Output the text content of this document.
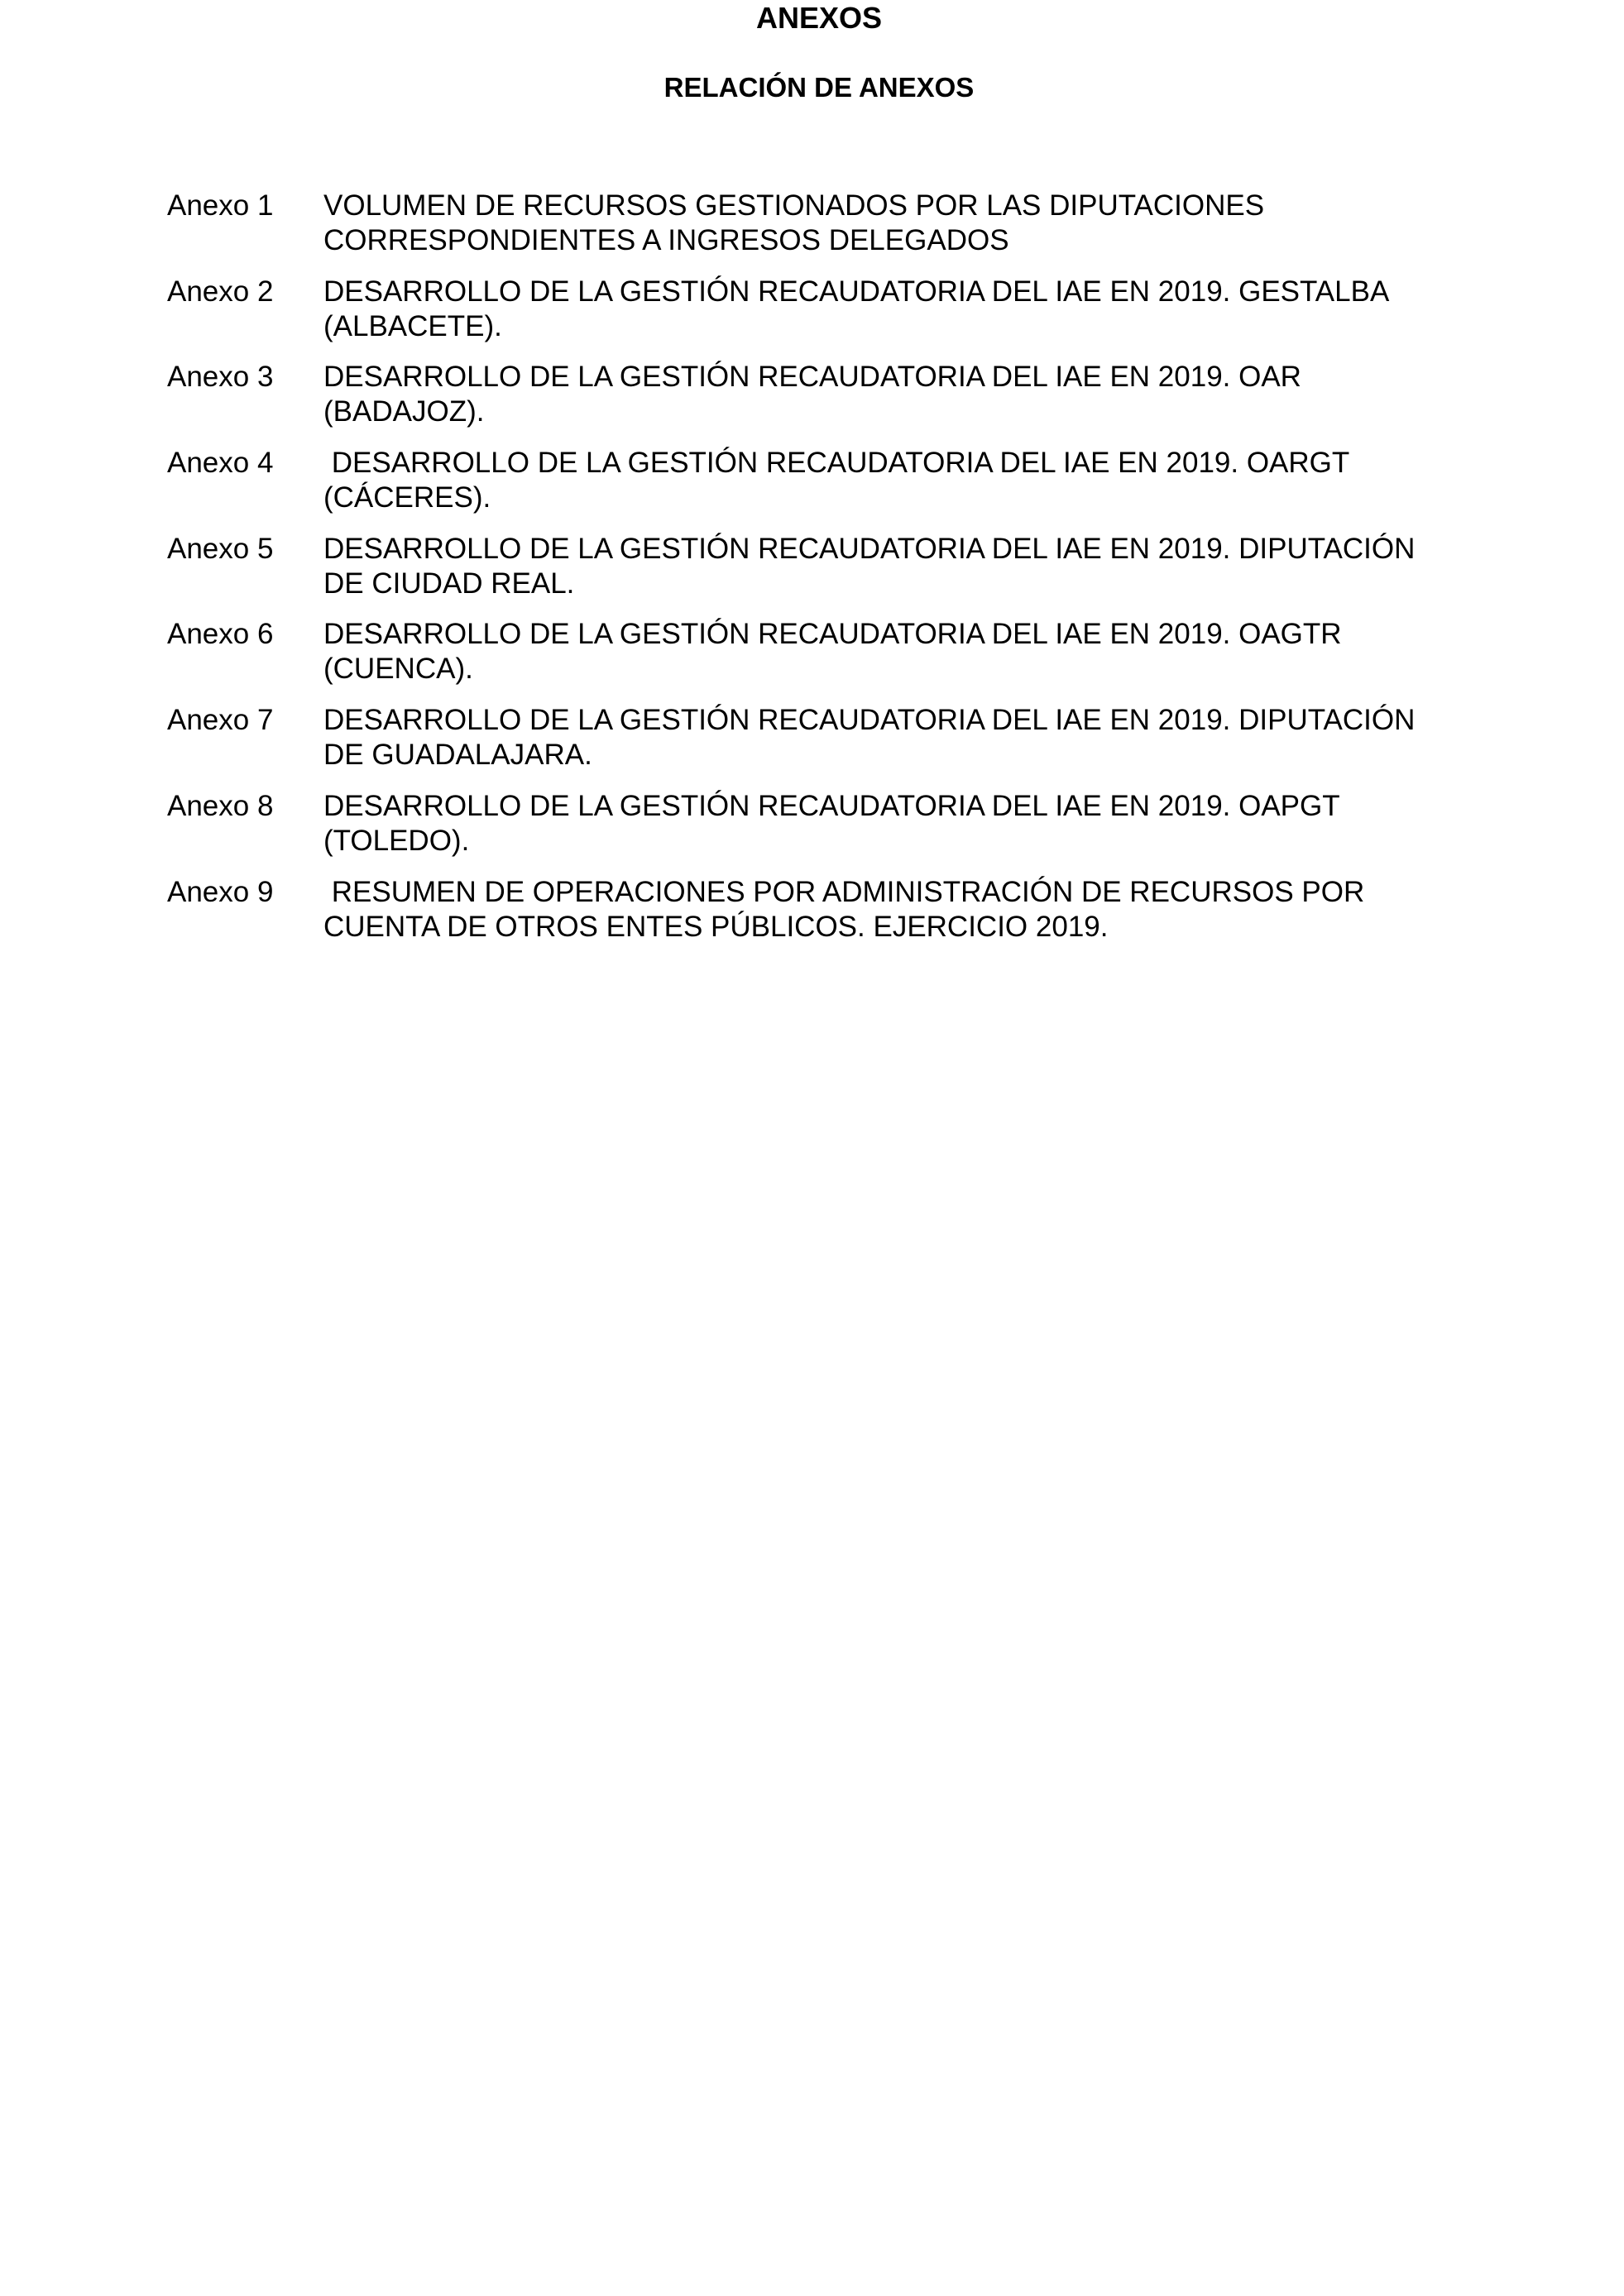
ANEXOS
RELACIÓN DE ANEXOS
Anexo 1	VOLUMEN DE RECURSOS GESTIONADOS POR LAS DIPUTACIONES
CORRESPONDIENTES A INGRESOS DELEGADOS
Anexo 2	DESARROLLO DE LA GESTIÓN RECAUDATORIA DEL IAE EN 2019. GESTALBA
(ALBACETE).
Anexo 3	DESARROLLO DE LA GESTIÓN RECAUDATORIA DEL IAE EN 2019. OAR
(BADAJOZ).
Anexo 4	DESARROLLO DE LA GESTIÓN RECAUDATORIA DEL IAE EN 2019. OARGT
(CÁCERES).
Anexo 5	DESARROLLO DE LA GESTIÓN RECAUDATORIA DEL IAE EN 2019. DIPUTACIÓN
DE CIUDAD REAL.
Anexo 6	DESARROLLO DE LA GESTIÓN RECAUDATORIA DEL IAE EN 2019. OAGTR
(CUENCA).
Anexo 7	DESARROLLO DE LA GESTIÓN RECAUDATORIA DEL IAE EN 2019. DIPUTACIÓN
DE GUADALAJARA.
Anexo 8	DESARROLLO DE LA GESTIÓN RECAUDATORIA DEL IAE EN 2019. OAPGT
(TOLEDO).
Anexo 9	RESUMEN DE OPERACIONES POR ADMINISTRACIÓN DE RECURSOS POR
CUENTA DE OTROS ENTES PÚBLICOS. EJERCICIO 2019.
